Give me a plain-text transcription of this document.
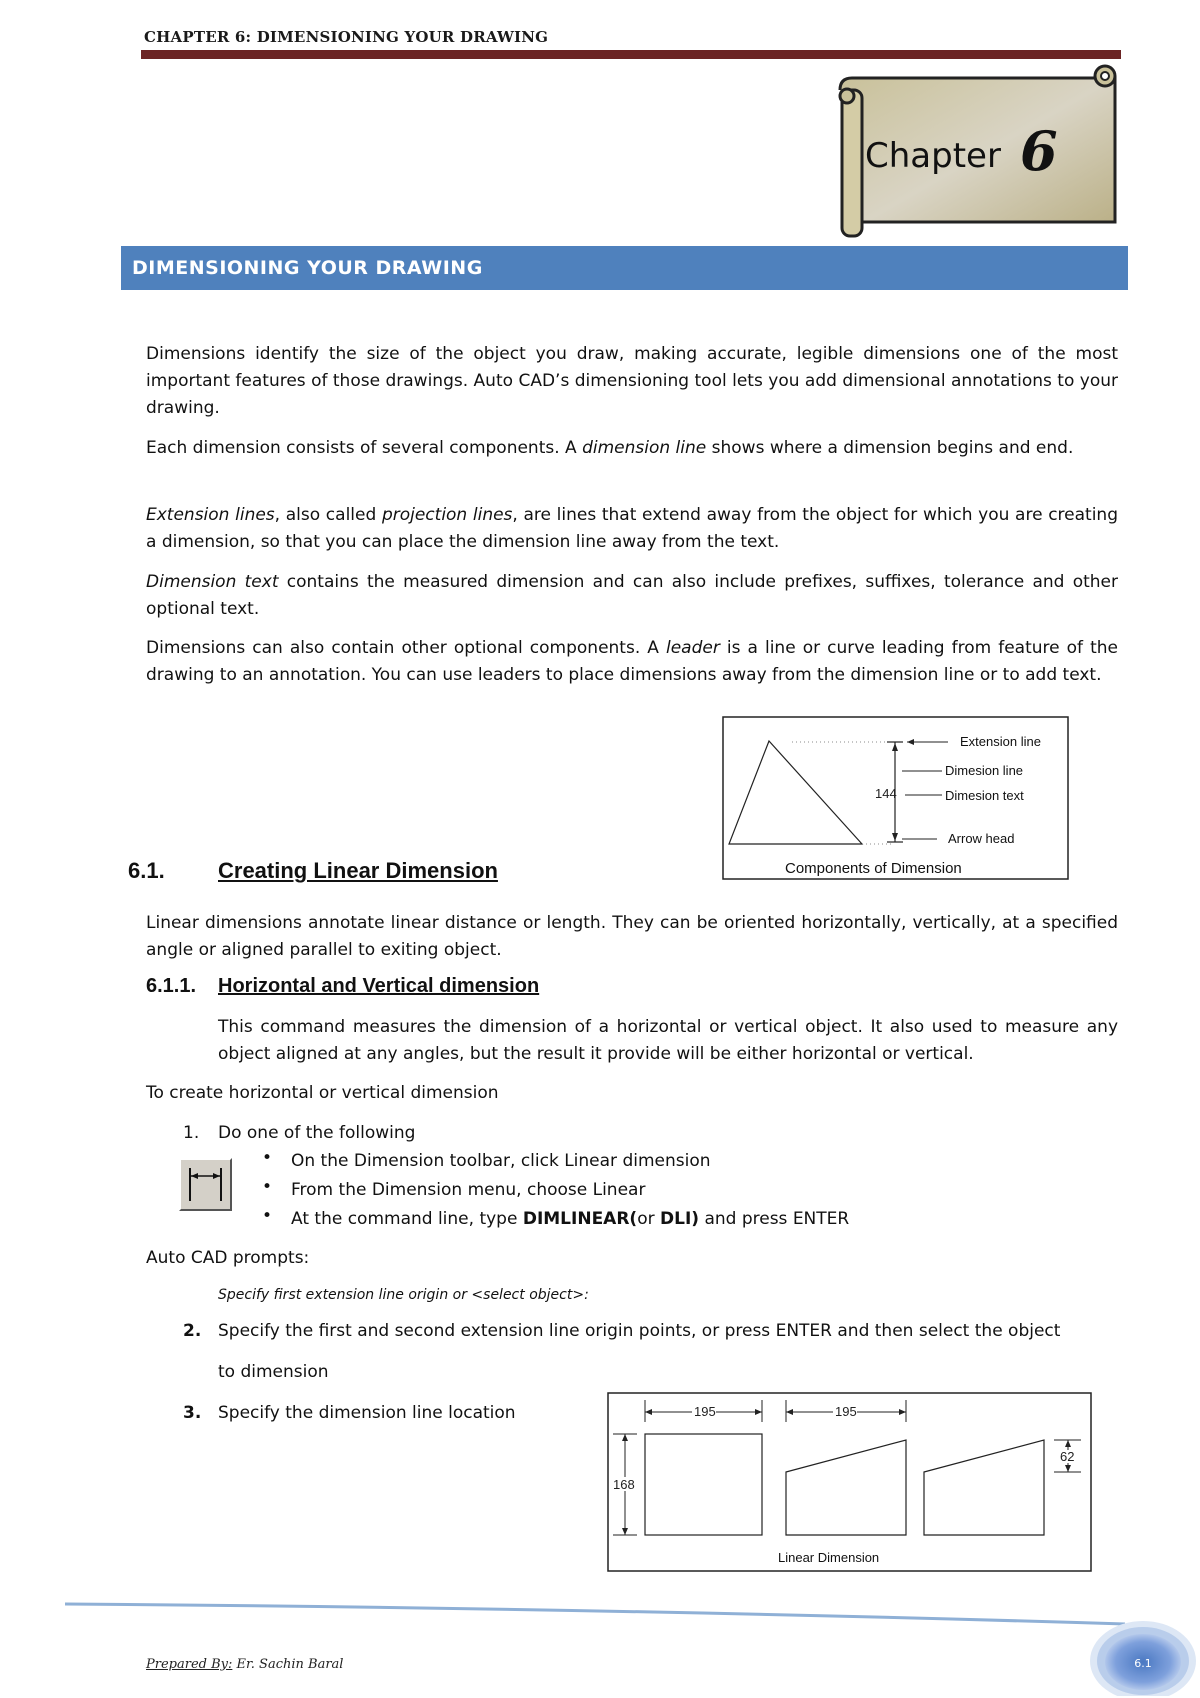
CHAPTER 6: DIMENSIONING YOUR DRAWING
Chapter 6
DIMENSIONING YOUR DRAWING
Dimensions identify the size of the object you draw, making accurate, legible dimensions one of the most important features of those drawings. Auto CAD’s dimensioning tool lets you add dimensional annotations to your drawing.
Each dimension consists of several components. A dimension line shows where a dimension begins and end.
Extension lines, also called projection lines, are lines that extend away from the object for which you are creating a dimension, so that you can place the dimension line away from the text.
Dimension text contains the measured dimension and can also include prefixes, suffixes, tolerance and other optional text.
Dimensions can also contain other optional components. A leader is a line or curve leading from feature of the drawing to an annotation. You can use leaders to place dimensions away from the dimension line or to add text.
144
Extension line
Dimesion line
Dimesion text
Arrow head
Components of Dimension
6.1. Creating Linear Dimension
Linear dimensions annotate linear distance or length. They can be oriented horizontally, vertically, at a specified angle or aligned parallel to exiting object.
6.1.1. Horizontal and Vertical dimension
This command measures the dimension of a horizontal or vertical object. It also used to measure any object aligned at any angles, but the result it provide will be either horizontal or vertical.
To create horizontal or vertical dimension
1. Do one of the following
• On the Dimension toolbar, click Linear dimension
• From the Dimension menu, choose Linear
• At the command line, type DIMLINEAR(or DLI) and press ENTER
Auto CAD prompts:
Specify first extension line origin or <select object>:
2. Specify the first and second extension line origin points, or press ENTER and then select the object
to dimension
3. Specify the dimension line location	195
168
195
62
Linear Dimension
Prepared By: Er. Sachin Baral	6.1
